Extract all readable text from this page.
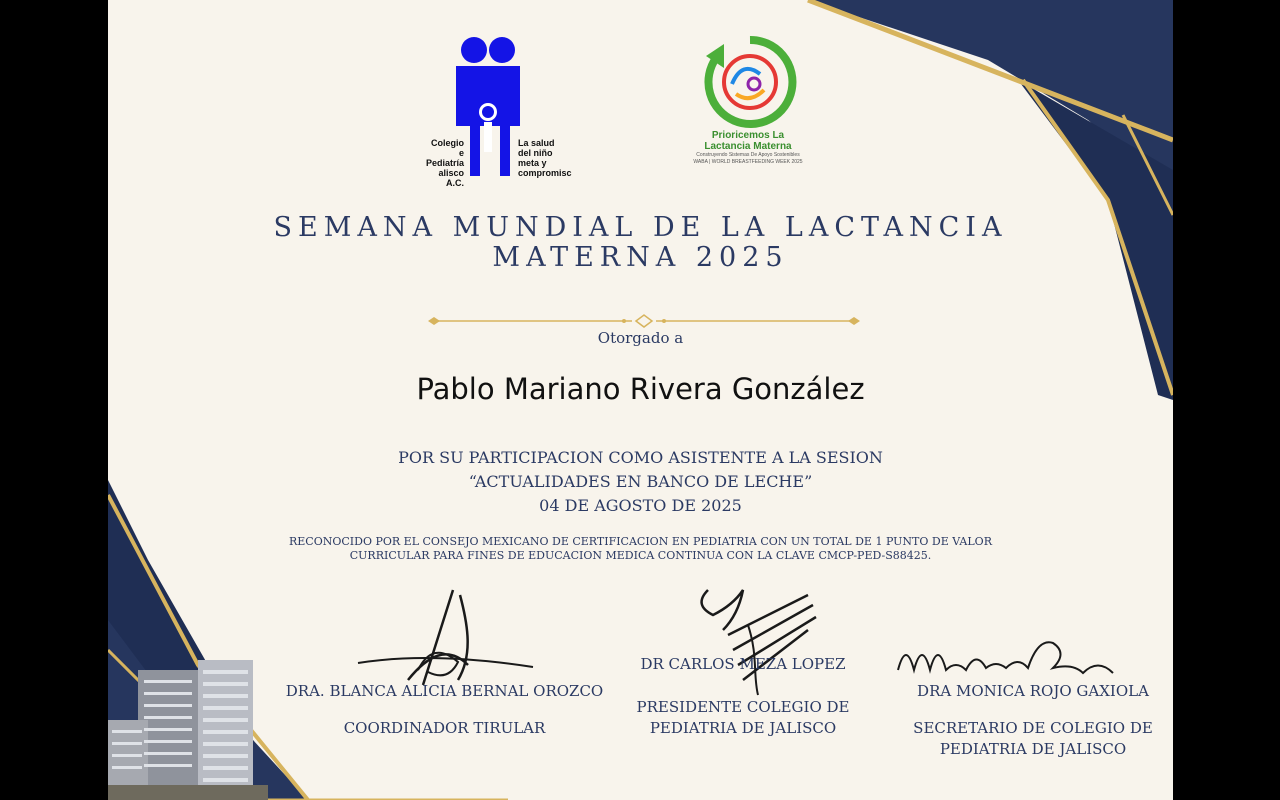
Colegio
e Pediatría
alisco A.C.
La salud
del niño
meta y
compromisc
Prioricemos La
Lactancia Materna
Construyendo Sistemas De Apoyo Sostenibles
WABA | WORLD BREASTFEEDING WEEK 2025
SEMANA MUNDIAL DE LA LACTANCIA
MATERNA 2025
Otorgado a
Pablo Mariano Rivera González
POR SU PARTICIPACION COMO ASISTENTE A LA SESION
“ACTUALIDADES EN BANCO DE LECHE”
04 DE AGOSTO DE 2025
RECONOCIDO POR EL CONSEJO MEXICANO DE CERTIFICACION EN PEDIATRIA CON UN TOTAL DE 1 PUNTO DE VALOR
CURRICULAR PARA FINES DE EDUCACION MEDICA CONTINUA CON LA CLAVE CMCP-PED-S88425.
DRA. BLANCA ALICIA BERNAL OROZCO
COORDINADOR TIRULAR
DR CARLOS MEZA LOPEZ
PRESIDENTE COLEGIO DE
PEDIATRIA DE JALISCO
DRA MONICA ROJO GAXIOLA
SECRETARIO DE COLEGIO DE
PEDIATRIA DE JALISCO
